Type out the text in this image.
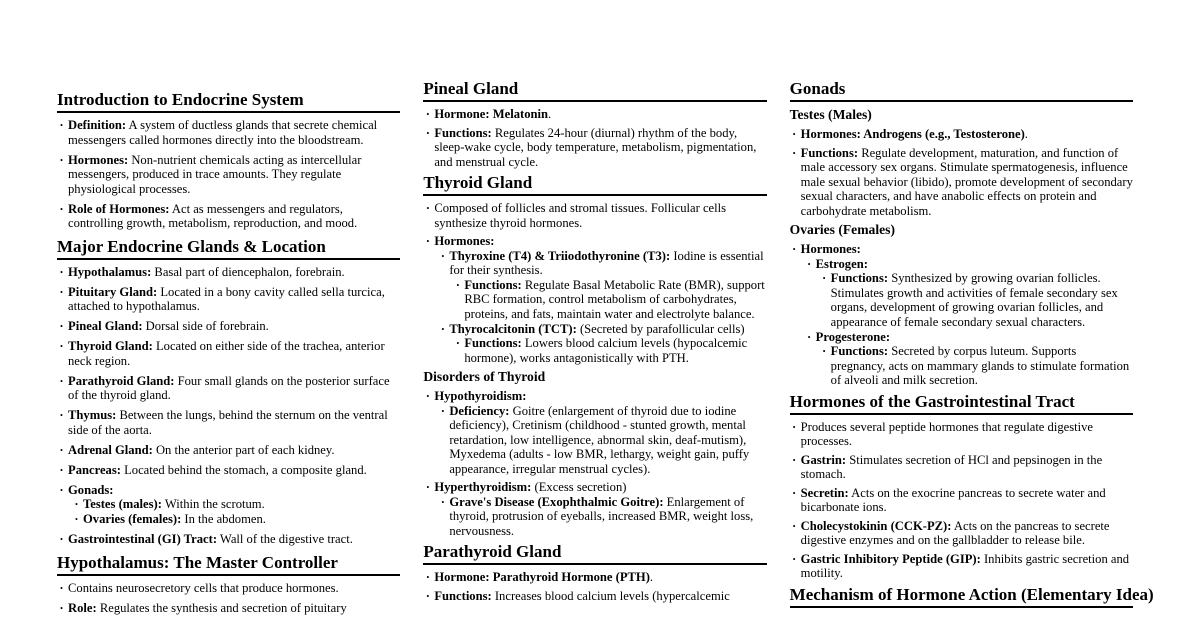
Introduction to Endocrine System
• Definition: A system of ductless glands that secrete chemical messengers called hormones directly into the bloodstream.
• Hormones: Non-nutrient chemicals acting as intercellular messengers, produced in trace amounts. They regulate physiological processes.
• Role of Hormones: Act as messengers and regulators, controlling growth, metabolism, reproduction, and mood.
Major Endocrine Glands & Location
• Hypothalamus: Basal part of diencephalon, forebrain.
• Pituitary Gland: Located in a bony cavity called sella turcica, attached to hypothalamus.
• Pineal Gland: Dorsal side of forebrain.
• Thyroid Gland: Located on either side of the trachea, anterior neck region.
• Parathyroid Gland: Four small glands on the posterior surface of the thyroid gland.
• Thymus: Between the lungs, behind the sternum on the ventral side of the aorta.
• Adrenal Gland: On the anterior part of each kidney.
• Pancreas: Located behind the stomach, a composite gland.
• Gonads:
• Testes (males): Within the scrotum.
• Ovaries (females): In the abdomen.
• Gastrointestinal (GI) Tract: Wall of the digestive tract.
Hypothalamus: The Master Controller
• Contains neurosecretory cells that produce hormones.
• Role: Regulates the synthesis and secretion of pituitary
Pineal Gland
• Hormone: Melatonin.
• Functions: Regulates 24-hour (diurnal) rhythm of the body, sleep-wake cycle, body temperature, metabolism, pigmentation, and menstrual cycle.
Thyroid Gland
• Composed of follicles and stromal tissues. Follicular cells synthesize thyroid hormones.
• Hormones:
• Thyroxine (T4) & Triiodothyronine (T3): Iodine is essential for their synthesis.
• Functions: Regulate Basal Metabolic Rate (BMR), support RBC formation, control metabolism of carbohydrates, proteins, and fats, maintain water and electrolyte balance.
• Thyrocalcitonin (TCT): (Secreted by parafollicular cells)
• Functions: Lowers blood calcium levels (hypocalcemic hormone), works antagonistically with PTH.
Disorders of Thyroid
• Hypothyroidism:
• Deficiency: Goitre (enlargement of thyroid due to iodine deficiency), Cretinism (childhood - stunted growth, mental retardation, low intelligence, abnormal skin, deaf-mutism), Myxedema (adults - low BMR, lethargy, weight gain, puffy appearance, irregular menstrual cycles).
• Hyperthyroidism: (Excess secretion)
• Grave's Disease (Exophthalmic Goitre): Enlargement of thyroid, protrusion of eyeballs, increased BMR, weight loss, nervousness.
Parathyroid Gland
• Hormone: Parathyroid Hormone (PTH).
• Functions: Increases blood calcium levels (hypercalcemic
Gonads
Testes (Males)
• Hormones: Androgens (e.g., Testosterone).
• Functions: Regulate development, maturation, and function of male accessory sex organs. Stimulate spermatogenesis, influence male sexual behavior (libido), promote development of secondary sexual characters, and have anabolic effects on protein and carbohydrate metabolism.
Ovaries (Females)
• Hormones:
• Estrogen:
• Functions: Synthesized by growing ovarian follicles. Stimulates growth and activities of female secondary sex organs, development of growing ovarian follicles, and appearance of female secondary sexual characters.
• Progesterone:
• Functions: Secreted by corpus luteum. Supports pregnancy, acts on mammary glands to stimulate formation of alveoli and milk secretion.
Hormones of the Gastrointestinal Tract
• Produces several peptide hormones that regulate digestive processes.
• Gastrin: Stimulates secretion of HCl and pepsinogen in the stomach.
• Secretin: Acts on the exocrine pancreas to secrete water and bicarbonate ions.
• Cholecystokinin (CCK-PZ): Acts on the pancreas to secrete digestive enzymes and on the gallbladder to release bile.
• Gastric Inhibitory Peptide (GIP): Inhibits gastric secretion and motility.
Mechanism of Hormone Action (Elementary Idea)
